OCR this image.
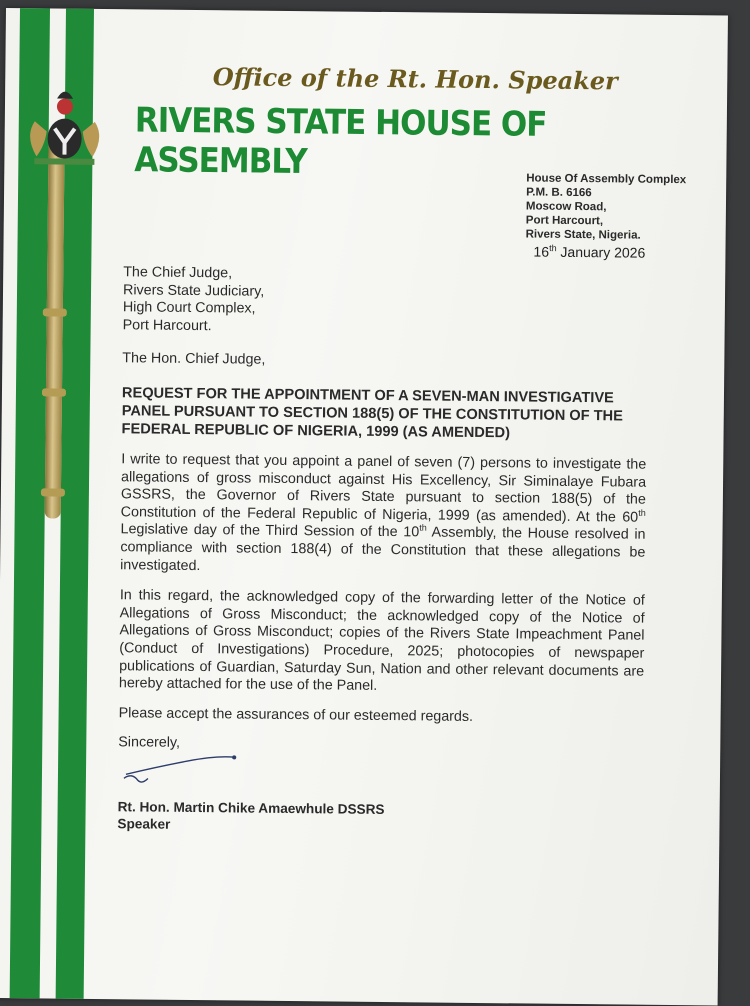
Office of the Rt. Hon. Speaker
RIVERS STATE HOUSE OF ASSEMBLY	House Of Assembly Complex
P.M. B. 6166
Moscow Road,
Port Harcourt,
Rivers State, Nigeria.
16th January 2026
The Chief Judge,
Rivers State Judiciary,
High Court Complex,
Port Harcourt.
The Hon. Chief Judge,
REQUEST FOR THE APPOINTMENT OF A SEVEN-MAN INVESTIGATIVE PANEL PURSUANT TO SECTION 188(5) OF THE CONSTITUTION OF THE FEDERAL REPUBLIC OF NIGERIA, 1999 (AS AMENDED)
I write to request that you appoint a panel of seven (7) persons to investigate the allegations of gross misconduct against His Excellency, Sir Siminalaye Fubara GSSRS, the Governor of Rivers State pursuant to section 188(5) of the Constitution of the Federal Republic of Nigeria, 1999 (as amended). At the 60th Legislative day of the Third Session of the 10th Assembly, the House resolved in compliance with section 188(4) of the Constitution that these allegations be investigated.
In this regard, the acknowledged copy of the forwarding letter of the Notice of Allegations of Gross Misconduct; the acknowledged copy of the Notice of Allegations of Gross Misconduct; copies of the Rivers State Impeachment Panel (Conduct of Investigations) Procedure, 2025; photocopies of newspaper publications of Guardian, Saturday Sun, Nation and other relevant documents are hereby attached for the use of the Panel.
Please accept the assurances of our esteemed regards.
Sincerely,
Rt. Hon. Martin Chike Amaewhule DSSRS
Speaker
